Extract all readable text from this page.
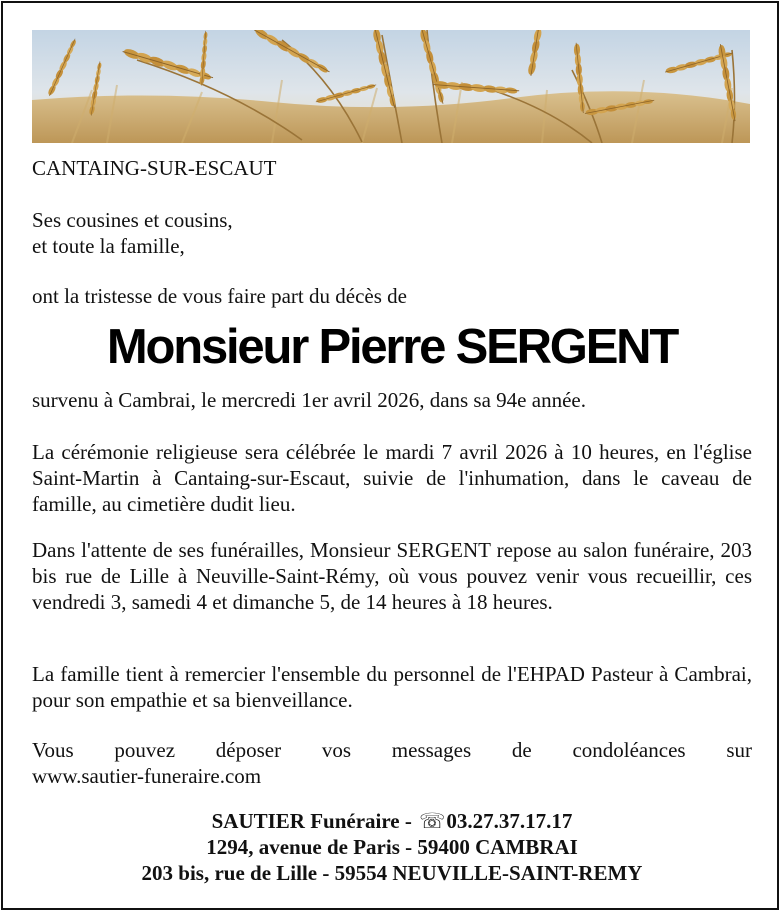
CANTAING-SUR-ESCAUT

Ses cousines et cousins,
et toute la famille,

ont la tristesse de vous faire part du décès de

Monsieur Pierre SERGENT

survenu à Cambrai, le mercredi 1er avril 2026, dans sa 94e année.

La cérémonie religieuse sera célébrée le mardi 7 avril 2026 à 10 heures, en l'église Saint-Martin à Cantaing-sur-Escaut, suivie de l'inhumation, dans le caveau de famille, au cimetière dudit lieu.

Dans l'attente de ses funérailles, Monsieur SERGENT repose au salon funéraire, 203 bis rue de Lille à Neuville-Saint-Rémy, où vous pouvez venir vous recueillir, ces vendredi 3, samedi 4 et dimanche 5, de 14 heures à 18 heures.

La famille tient à remercier l'ensemble du personnel de l'EHPAD Pasteur à Cambrai, pour son empathie et sa bienveillance.

Vous pouvez déposer vos messages de condoléances sur
www.sautier-funeraire.com
SAUTIER Funéraire - ☏03.27.37.17.17
1294, avenue de Paris - 59400 CAMBRAI
203 bis, rue de Lille - 59554 NEUVILLE-SAINT-REMY
